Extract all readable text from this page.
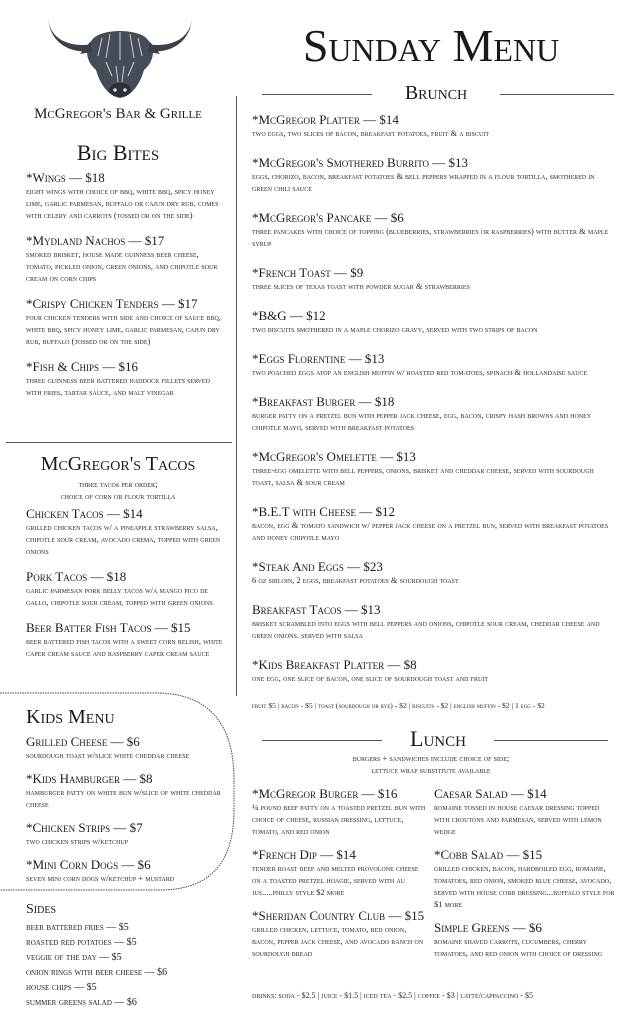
McGregor's Bar & Grille
Big Bites
*Wings — $18
eight wings with choice of bbq, white bbq, spicy honey lime, garlic parmesan, buffalo or cajun dry rub. comes with celery and carrots (tossed or on the side)
*Mydland Nachos — $17
smoked brisket, house made guinness beer cheese, tomato, pickled onion, green onions, and chipotle sour cream on corn chips
*Crispy Chicken Tenders — $17
four chicken tenders with side and choice of sauce bbq, white bbq, spicy honey lime, garlic parmesan, cajun dry rub, buffalo (tossed or on the side)
*Fish & Chips — $16
three guinness beer battered haddock fillets served with fries, tartar sauce, and malt vinegar
McGregor's Tacos
three tacos per order;
choice of corn or flour tortilla
Chicken Tacos — $14
grilled chicken tacos w/ a pineapple strawberry salsa, chipotle sour cream, avocado crema, topped with green onions
Pork Tacos — $18
garlic parmesan pork belly tacos w/a mango pico de gallo, chipotle sour cream, topped with green onions
Beer Batter Fish Tacos — $15
beer battered fish tacos with a sweet corn relish, white caper cream sauce and raspberry caper cream sauce
Kids Menu
Grilled Cheese — $6
sourdough toast w/slice white cheddar cheese
*Kids Hamburger — $8
hamburger patty on white bun w/slice of white cheddar cheese
*Chicken Strips — $7
two chicken strips w/ketchup
*Mini Corn Dogs — $6
seven mini corn dogs w/ketchup + mustard
Sides
beer battered fries — $5
roasted red potatoes — $5
veggie of the day — $5
onion rings with beer cheese — $6
house chips — $5
summer greens salad — $6
Sunday Menu
Brunch
*McGregor Platter — $14
two eggs, two slices of bacon, breakfast potatoes, fruit & a biscuit
*McGregor's Smothered Burrito — $13
eggs, chorizo, bacon, breakfast potatoes & bell peppers wrapped in a flour tortilla, smothered in green chili sauce
*McGregor's Pancake — $6
three pancakes with choice of topping (blueberries, strawberries or raspberries) with butter & maple syrup
*French Toast — $9
three slices of texas toast with powder sugar & strawberries
*B&G — $12
two biscuits smothered in a maple chorizo gravy, served with two strips of bacon
*Eggs Florentine — $13
two poached eggs atop an english muffin w/ roasted red tomatoes, spinach & hollandaise sauce
*Breakfast Burger — $18
burger patty on a pretzel bun with pepper jack cheese, egg, bacon, crispy hash browns and honey chipotle mayo, served with breakfast potatoes
*McGregor's Omelette — $13
three-egg omelette with bell peppers, onions, brisket and cheddar cheese, served with sourdough toast, salsa & sour cream
*B.E.T with Cheese — $12
bacon, egg & tomato sandwich w/ pepper jack cheese on a pretzel bun, served with breakfast potatoes and honey chipotle mayo
*Steak And Eggs — $23
6 oz sirloin, 2 eggs, breakfast potatoes & sourdough toast
Breakfast Tacos — $13
brisket scrambled into eggs with bell peppers and onions, chipotle sour cream, cheddar cheese and green onions. served with salsa
*Kids Breakfast Platter — $8
one egg, one slice of bacon, one slice of sourdough toast and fruit
fruit $5 | bacon - $5 | toast (sourdough or rye) - $2 | biscuits - $2 | english muffin - $2 | 1 egg - $2
Lunch
burgers + sandwiches include choice of side;
lettuce wrap substitute available
*McGregor Burger — $16
¼ pound beef patty on a toasted pretzel bun with choice of cheese, russian dressing, lettuce, tomato, and red onion
*French Dip — $14
tender roast beef and melted provolone cheese on a toasted pretzel hoagie, served with au jus.....philly style $2 more
*Sheridan Country Club — $15
grilled chicken, lettuce, tomato, red onion, bacon, pepper jack cheese, and avocado ranch on sourdough bread
Caesar Salad — $14
romaine tossed in house caesar dressing topped with croutons and parmesan, served with lemon wedge
*Cobb Salad — $15
grilled chicken, bacon, hardboiled egg, romaine, tomatoes, red onion, smoked blue cheese, avocado, served with house cobb dressing...buffalo style for $1 more
Simple Greens — $6
romaine shaved carrots, cucumbers, cherry tomatoes, and red onion with choice of dressing
drinks: soda - $2.5 | juice - $1.5 | iced tea - $2.5 | coffee - $3 | latte/cappaccino - $5
